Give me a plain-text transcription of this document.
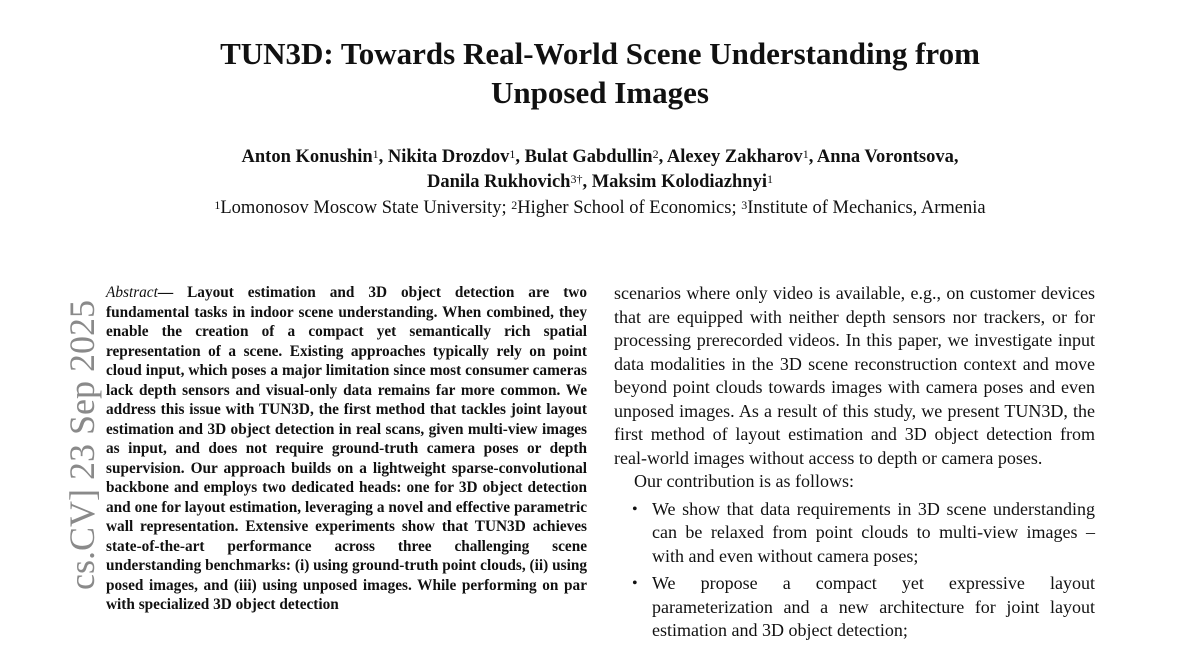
TUN3D: Towards Real-World Scene Understanding from
Unposed Images
Anton Konushin$^1$, Nikita Drozdov$^1$, Bulat Gabdullin$^2$, Alexey Zakharov$^1$, Anna Vorontsova,
Danila Rukhovich$^{3\dagger}$, Maksim Kolodiazhnyi$^1$
$^1$Lomonosov Moscow State University; $^2$Higher School of Economics; $^3$Institute of Mechanics, Armenia
cs.CV] 23 Sep 2025
Abstract— Layout estimation and 3D object detection are two fundamental tasks in indoor scene understanding. When combined, they enable the creation of a compact yet semantically rich spatial representation of a scene. Existing approaches typically rely on point cloud input, which poses a major limitation since most consumer cameras lack depth sensors and visual-only data remains far more common. We address this issue with TUN3D, the first method that tackles joint layout estimation and 3D object detection in real scans, given multi-view images as input, and does not require ground-truth camera poses or depth supervision. Our approach builds on a lightweight sparse-convolutional backbone and employs two dedicated heads: one for 3D object detection and one for layout estimation, leveraging a novel and effective parametric wall representation. Extensive experiments show that TUN3D achieves state-of-the-art performance across three challenging scene understanding benchmarks: (i) using ground-truth point clouds, (ii) using posed images, and (iii) using unposed images. While performing on par with specialized 3D object detection

scenarios where only video is available, e.g., on customer devices that are equipped with neither depth sensors nor trackers, or for processing prerecorded videos. In this paper, we investigate input data modalities in the 3D scene reconstruction context and move beyond point clouds towards images with camera poses and even unposed images. As a result of this study, we present TUN3D, the first method of layout estimation and 3D object detection from real-world images without access to depth or camera poses.

Our contribution is as follows:

• We show that data requirements in 3D scene understanding can be relaxed from point clouds to multi-view images – with and even without camera poses;
• We propose a compact yet expressive layout parameterization and a new architecture for joint layout estimation and 3D object detection;
